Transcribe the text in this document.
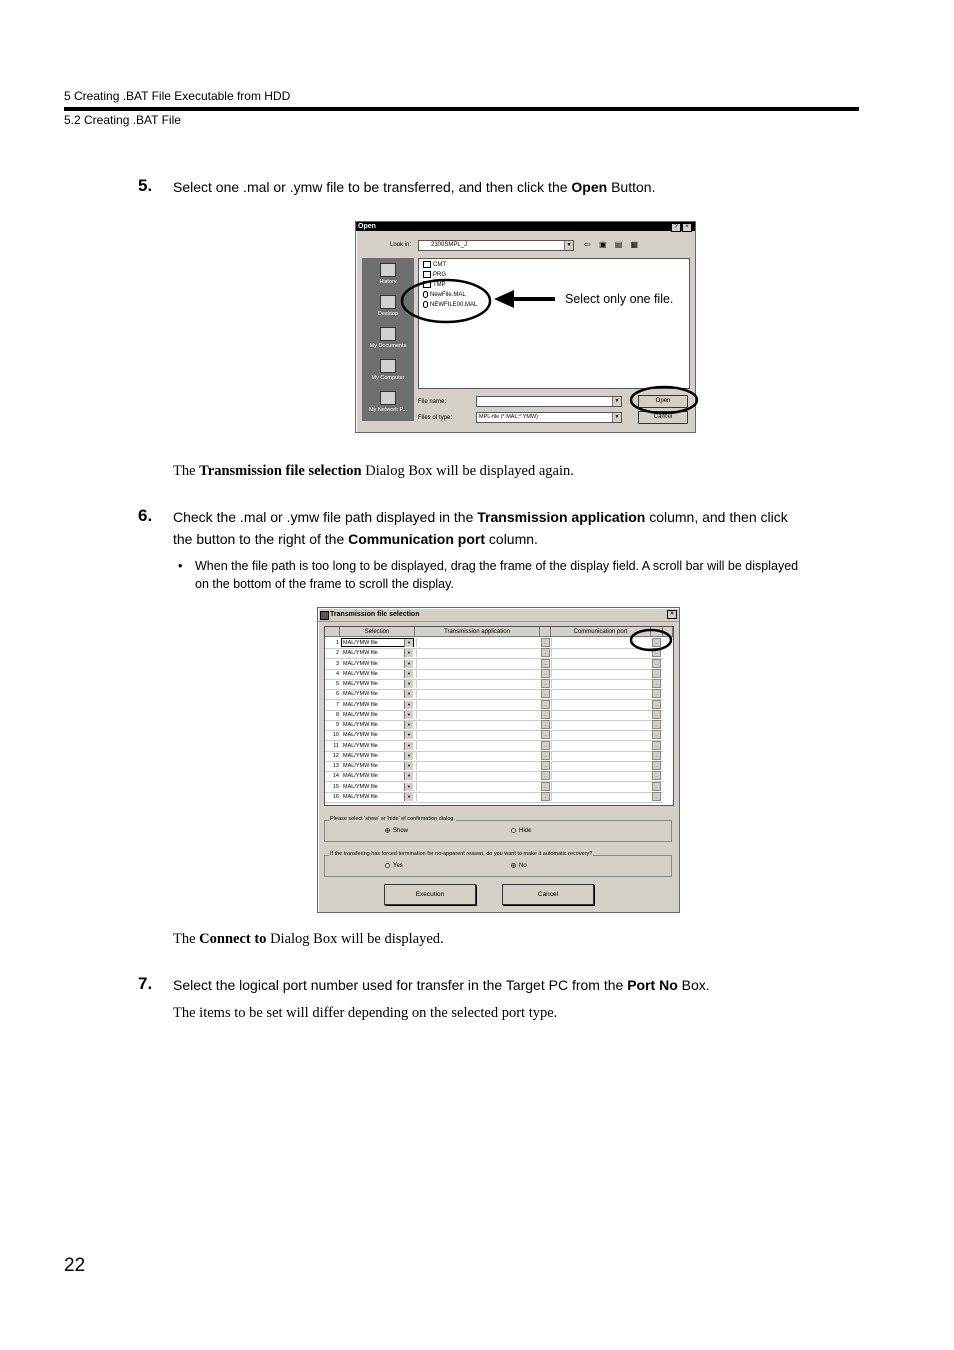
5 Creating .BAT File Executable from HDD
5.2 Creating .BAT File
5. Select one .mal or .ymw file to be transferred, and then click the Open Button.
Open	?	×
Look in:	2300SMPL_J	▼ ⇦ ▣ ▤ ▦
History
Desktop
My Documents
My Computer
My Network P...
CMT
PRG
TMP
NewFile.MAL
NEWFILE00.MAL
File name:	▼
Files of type:	MPL-file (*.MAL;*.YMW)	▼
Open
Cancel
Select only one file.
The Transmission file selection Dialog Box will be displayed again.
6. Check the .mal or .ymw file path displayed in the Transmission application column, and then click
the button to the right of the Communication port column.
• When the file path is too long to be displayed, drag the frame of the display field. A scroll bar will be displayed
on the bottom of the frame to scroll the display.
Transmission file selection	×
Selection	Transmission application	Communication port
1 MAL/YMW file	▼	...	...
2 MAL/YMW file	▼	...	...
3 MAL/YMW file	▼	...	...
4 MAL/YMW file	▼	...	...
5 MAL/YMW file	▼	...	...
6 MAL/YMW file	▼	...	...
7 MAL/YMW file	▼	...	...
8 MAL/YMW file	▼	...	...
9 MAL/YMW file	▼	...	...
10 MAL/YMW file	▼	...	...
11 MAL/YMW file	▼	...	...
12 MAL/YMW file	▼	...	...
13 MAL/YMW file	▼	...	...
14 MAL/YMW file	▼	...	...
15 MAL/YMW file	▼	...	...
16 MAL/YMW file	▼	...	...
Please select 'show' or 'hide' of confirmation dialog.
Show	Hide
If the transfering has forced termination for no-apparent reason, do you want to make it automatic recovery?
Yes	No
Execution	Cancel
The Connect to Dialog Box will be displayed.
7. Select the logical port number used for transfer in the Target PC from the Port No Box.
The items to be set will differ depending on the selected port type.
22
